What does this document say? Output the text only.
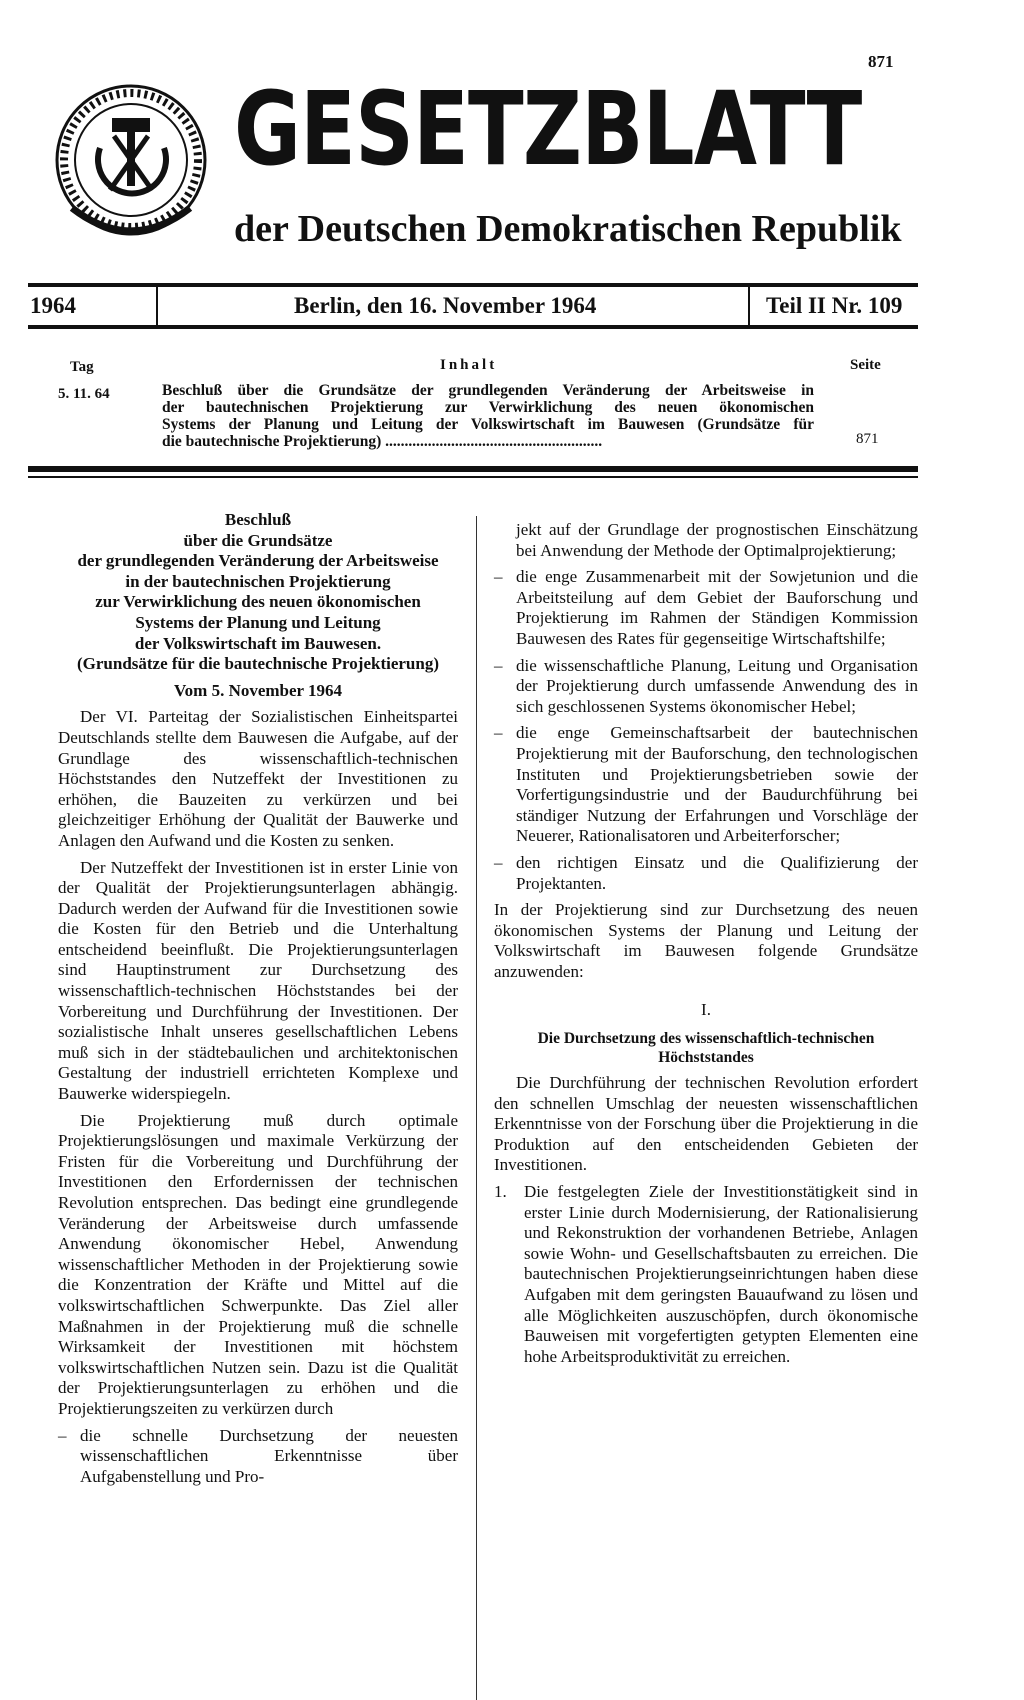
871
GESETZBLATT
der Deutschen Demokratischen Republik
1964	Berlin, den 16. November 1964	Teil II Nr. 109
Tag	Inhalt	Seite
5. 11. 64	Beschluß über die Grundsätze der grundlegenden Veränderung der Arbeitsweise in
der bautechnischen Projektierung zur Verwirklichung des neuen ökonomischen
Systems der Planung und Leitung der Volkswirtschaft im Bauwesen (Grundsätze für
die bautechnische Projektierung) ........................................................	871
Beschluß
über die Grundsätze
der grundlegenden Veränderung der Arbeitsweise
in der bautechnischen Projektierung
zur Verwirklichung des neuen ökonomischen
Systems der Planung und Leitung
der Volkswirtschaft im Bauwesen.
(Grundsätze für die bautechnische Projektierung)
Vom 5. November 1964

Der VI. Parteitag der Sozialistischen Einheitspartei Deutschlands stellte dem Bauwesen die Aufgabe, auf der Grundlage des wissenschaftlich-technischen Höchststandes den Nutzeffekt der Investitionen zu erhöhen, die Bauzeiten zu verkürzen und bei gleichzeitiger Erhöhung der Qualität der Bauwerke und Anlagen den Aufwand und die Kosten zu senken.

Der Nutzeffekt der Investitionen ist in erster Linie von der Qualität der Projektierungsunterlagen abhängig. Dadurch werden der Aufwand für die Investitionen sowie die Kosten für den Betrieb und die Unterhaltung entscheidend beeinflußt. Die Projektierungsunterlagen sind Hauptinstrument zur Durchsetzung des wissenschaftlich-technischen Höchststandes bei der Vorbereitung und Durchführung der Investitionen. Der sozialistische Inhalt unseres gesellschaftlichen Lebens muß sich in der städtebaulichen und architektonischen Gestaltung der industriell errichteten Komplexe und Bauwerke widerspiegeln.

Die Projektierung muß durch optimale Projektierungslösungen und maximale Verkürzung der Fristen für die Vorbereitung und Durchführung der Investitionen den Erfordernissen der technischen Revolution entsprechen. Das bedingt eine grundlegende Veränderung der Arbeitsweise durch umfassende Anwendung ökonomischer Hebel, Anwendung wissenschaftlicher Methoden in der Projektierung sowie die Konzentration der Kräfte und Mittel auf die volkswirtschaftlichen Schwerpunkte. Das Ziel aller Maßnahmen in der Projektierung muß die schnelle Wirksamkeit der Investitionen mit höchstem volkswirtschaftlichen Nutzen sein. Dazu ist die Qualität der Projektierungsunterlagen zu erhöhen und die Projektierungszeiten zu verkürzen durch

– die schnelle Durchsetzung der neuesten wissenschaftlichen Erkenntnisse über Aufgabenstellung und Pro-
jekt auf der Grundlage der prognostischen Einschätzung bei Anwendung der Methode der Optimalprojektierung;
– die enge Zusammenarbeit mit der Sowjetunion und die Arbeitsteilung auf dem Gebiet der Bauforschung und Projektierung im Rahmen der Ständigen Kommission Bauwesen des Rates für gegenseitige Wirtschaftshilfe;
– die wissenschaftliche Planung, Leitung und Organisation der Projektierung durch umfassende Anwendung des in sich geschlossenen Systems ökonomischer Hebel;
– die enge Gemeinschaftsarbeit der bautechnischen Projektierung mit der Bauforschung, den technologischen Instituten und Projektierungsbetrieben sowie der Vorfertigungsindustrie und der Baudurchführung bei ständiger Nutzung der Erfahrungen und Vorschläge der Neuerer, Rationalisatoren und Arbeiterforscher;
– den richtigen Einsatz und die Qualifizierung der Projektanten.

In der Projektierung sind zur Durchsetzung des neuen ökonomischen Systems der Planung und Leitung der Volkswirtschaft im Bauwesen folgende Grundsätze anzuwenden:

I.
Die Durchsetzung des wissenschaftlich-technischen
Höchststandes

Die Durchführung der technischen Revolution erfordert den schnellen Umschlag der neuesten wissenschaftlichen Erkenntnisse von der Forschung über die Projektierung in die Produktion auf den entscheidenden Gebieten der Investitionen.

1. Die festgelegten Ziele der Investitionstätigkeit sind in erster Linie durch Modernisierung, der Rationalisierung und Rekonstruktion der vorhandenen Betriebe, Anlagen sowie Wohn- und Gesellschaftsbauten zu erreichen. Die bautechnischen Projektierungseinrichtungen haben diese Aufgaben mit dem geringsten Bauaufwand zu lösen und alle Möglichkeiten auszuschöpfen, durch ökonomische Bauweisen mit vorgefertigten getypten Elementen eine hohe Arbeitsproduktivität zu erreichen.
